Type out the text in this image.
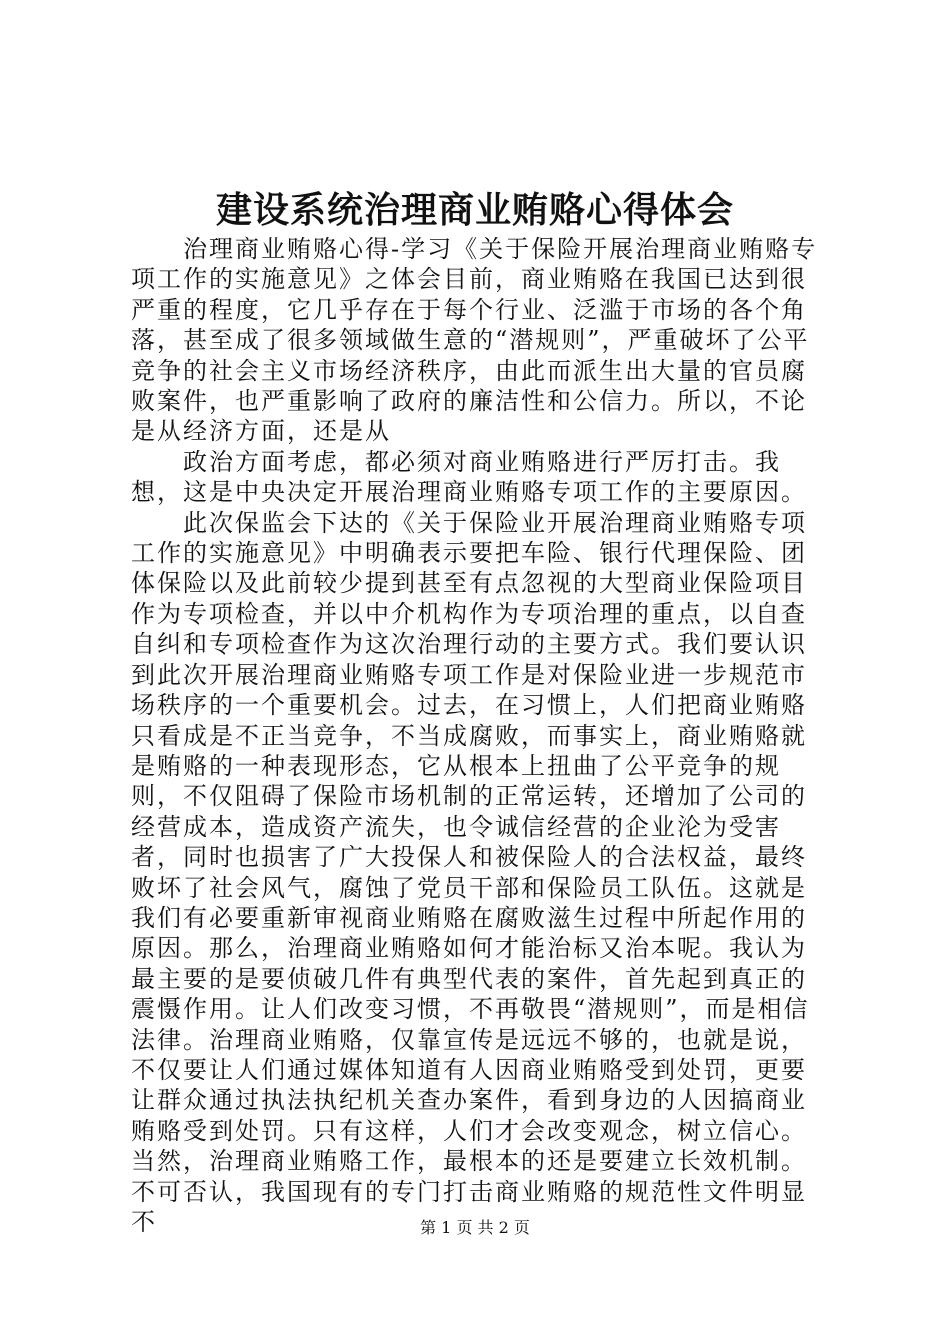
建设系统治理商业贿赂心得体会

治理商业贿赂心得-学习《关于保险开展治理商业贿赂专项工作的实施意见》之体会目前，商业贿赂在我国已达到很严重的程度，它几乎存在于每个行业、泛滥于市场的各个角落，甚至成了很多领域做生意的“潜规则”，严重破坏了公平竞争的社会主义市场经济秩序，由此而派生出大量的官员腐败案件，也严重影响了政府的廉洁性和公信力。所以，不论是从经济方面，还是从

政治方面考虑，都必须对商业贿赂进行严厉打击。我想，这是中央决定开展治理商业贿赂专项工作的主要原因。

此次保监会下达的《关于保险业开展治理商业贿赂专项工作的实施意见》中明确表示要把车险、银行代理保险、团体保险以及此前较少提到甚至有点忽视的大型商业保险项目作为专项检查，并以中介机构作为专项治理的重点，以自查自纠和专项检查作为这次治理行动的主要方式。我们要认识到此次开展治理商业贿赂专项工作是对保险业进一步规范市场秩序的一个重要机会。过去，在习惯上，人们把商业贿赂只看成是不正当竞争，不当成腐败，而事实上，商业贿赂就是贿赂的一种表现形态，它从根本上扭曲了公平竞争的规则，不仅阻碍了保险市场机制的正常运转，还增加了公司的经营成本，造成资产流失，也令诚信经营的企业沦为受害者，同时也损害了广大投保人和被保险人的合法权益，最终败坏了社会风气，腐蚀了党员干部和保险员工队伍。这就是我们有必要重新审视商业贿赂在腐败滋生过程中所起作用的原因。那么，治理商业贿赂如何才能治标又治本呢。我认为最主要的是要侦破几件有典型代表的案件，首先起到真正的震慑作用。让人们改变习惯，不再敬畏“潜规则”，而是相信法律。治理商业贿赂，仅靠宣传是远远不够的，也就是说，不仅要让人们通过媒体知道有人因商业贿赂受到处罚，更要让群众通过执法执纪机关查办案件，看到身边的人因搞商业贿赂受到处罚。只有这样，人们才会改变观念，树立信心。当然，治理商业贿赂工作，最根本的还是要建立长效机制。不可否认，我国现有的专门打击商业贿赂的规范性文件明显不	第 1 页 共 2 页
